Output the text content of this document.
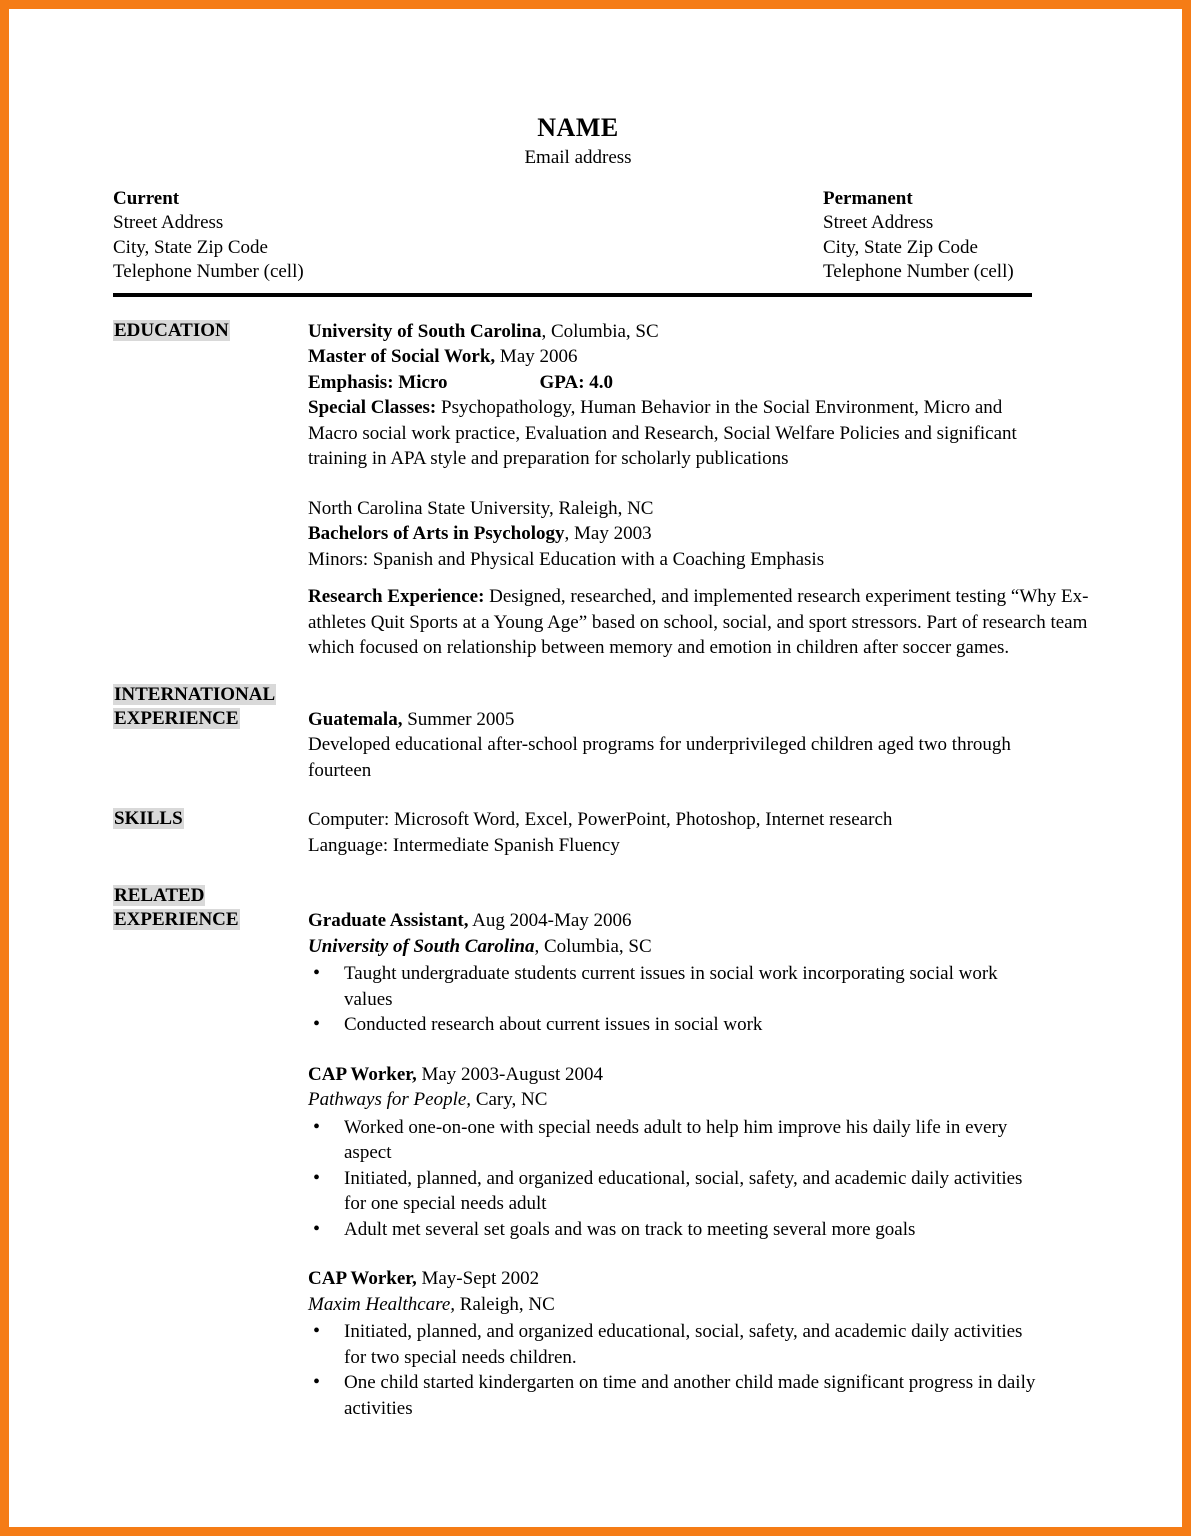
NAME
Email address
Current
Street Address
City, State Zip Code
Telephone Number (cell)
Permanent
Street Address
City, State Zip Code
Telephone Number (cell)
EDUCATION	University of South Carolina, Columbia, SC

Master of Social Work, May 2006

Emphasis: Micro	GPA: 4.0

Special Classes: Psychopathology, Human Behavior in the Social Environment, Micro and Macro social work practice, Evaluation and Research, Social Welfare Policies and significant training in APA style and preparation for scholarly publications

North Carolina State University, Raleigh, NC

Bachelors of Arts in Psychology, May 2003

Minors: Spanish and Physical Education with a Coaching Emphasis

Research Experience: Designed, researched, and implemented research experiment testing “Why Ex-athletes Quit Sports at a Young Age” based on school, social, and sport stressors. Part of research team which focused on relationship between memory and emotion in children after soccer games.

INTERNATIONAL
EXPERIENCE	Guatemala, Summer 2005

Developed educational after-school programs for underprivileged children aged two through fourteen

SKILLS	Computer: Microsoft Word, Excel, PowerPoint, Photoshop, Internet research

Language: Intermediate Spanish Fluency

RELATED
EXPERIENCE	Graduate Assistant, Aug 2004-May 2006

University of South Carolina, Columbia, SC

• Taught undergraduate students current issues in social work incorporating social work values
• Conducted research about current issues in social work

CAP Worker, May 2003-August 2004

Pathways for People, Cary, NC

• Worked one-on-one with special needs adult to help him improve his daily life in every aspect
• Initiated, planned, and organized educational, social, safety, and academic daily activities for one special needs adult
• Adult met several set goals and was on track to meeting several more goals

CAP Worker, May-Sept 2002

Maxim Healthcare, Raleigh, NC

• Initiated, planned, and organized educational, social, safety, and academic daily activities for two special needs children.
• One child started kindergarten on time and another child made significant progress in daily activities
